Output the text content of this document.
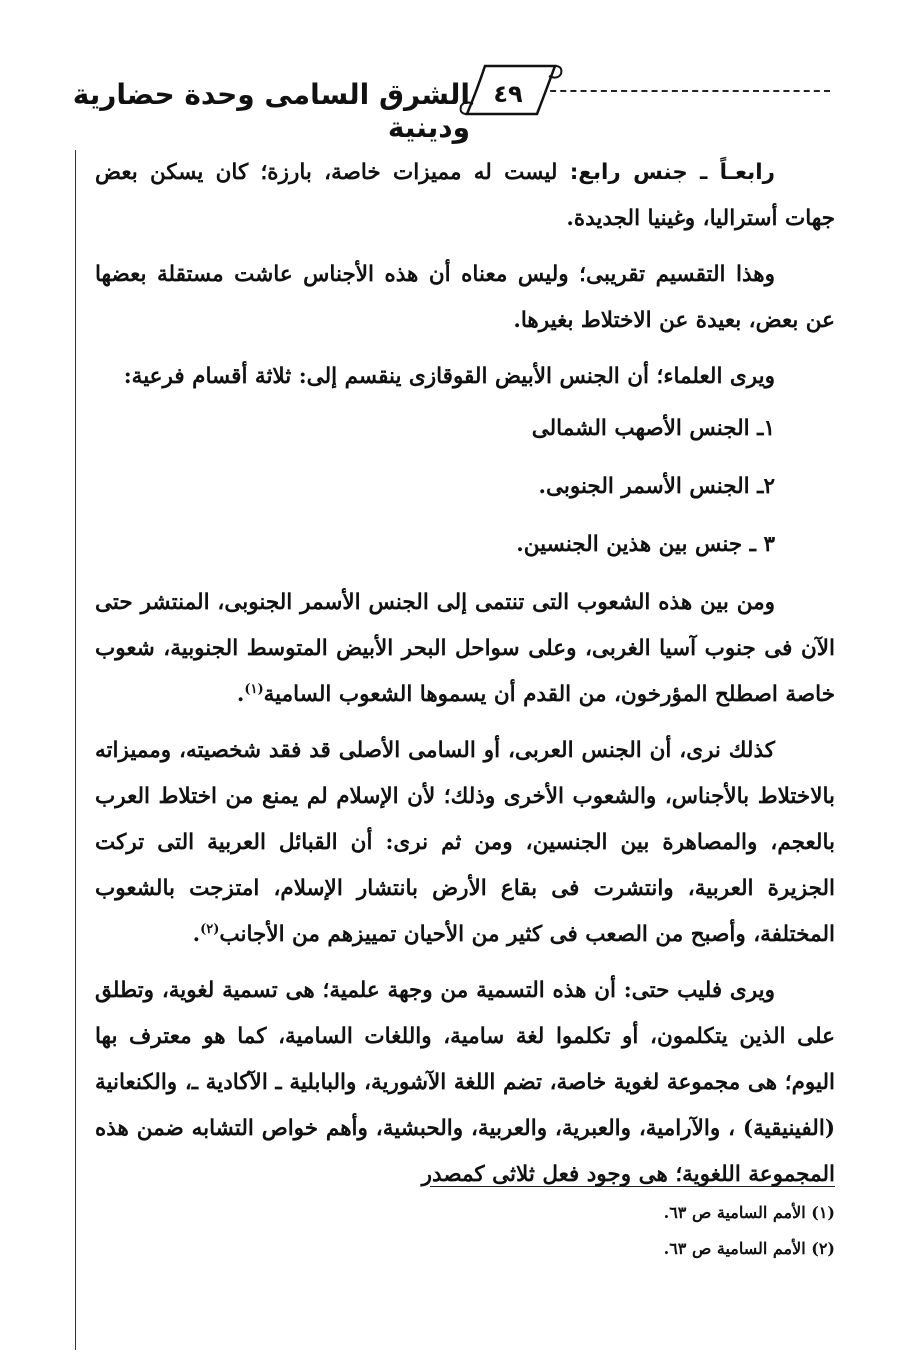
٤٩
الشرق السامى وحدة حضارية ودينية

رابعـاً ـ جنس رابع: ليست له مميزات خاصة، بارزة؛ كان يسكن بعض جهات أستراليا، وغينيا الجديدة.

وهذا التقسيم تقريبى؛ وليس معناه أن هذه الأجناس عاشت مستقلة بعضها عن بعض، بعيدة عن الاختلاط بغيرها.

ويرى العلماء؛ أن الجنس الأبيض القوقازى ينقسم إلى: ثلاثة أقسام فرعية:

١ـ الجنس الأصهب الشمالى
٢ـ الجنس الأسمر الجنوبى.
٣ ـ جنس بين هذين الجنسين.

ومن بين هذه الشعوب التى تنتمى إلى الجنس الأسمر الجنوبى، المنتشر حتى الآن فى جنوب آسيا الغربى، وعلى سواحل البحر الأبيض المتوسط الجنوبية، شعوب خاصة اصطلح المؤرخون، من القدم أن يسموها الشعوب السامية$^{(١)}$.

كذلك نرى، أن الجنس العربى، أو السامى الأصلى قد فقد شخصيته، ومميزاته بالاختلاط بالأجناس، والشعوب الأخرى وذلك؛ لأن الإسلام لم يمنع من اختلاط العرب بالعجم، والمصاهرة بين الجنسين، ومن ثم نرى: أن القبائل العربية التى تركت الجزيرة العربية، وانتشرت فى بقاع الأرض بانتشار الإسلام، امتزجت بالشعوب المختلفة، وأصبح من الصعب فى كثير من الأحيان تمييزهم من الأجانب$^{(٢)}$.

ويرى فليب حتى: أن هذه التسمية من وجهة علمية؛ هى تسمية لغوية، وتطلق على الذين يتكلمون، أو تكلموا لغة سامية، واللغات السامية، كما هو معترف بها اليوم؛ هى مجموعة لغوية خاصة، تضم اللغة الآشورية، والبابلية ـ الآكادية ـ، والكنعانية (الفينيقية) ، والآرامية، والعبرية، والعربية، والحبشية، وأهم خواص التشابه ضمن هذه المجموعة اللغوية؛ هى وجود فعل ثلاثى كمصدر

(١) الأمم السامية ص ٦٣.
(٢) الأمم السامية ص ٦٣.
